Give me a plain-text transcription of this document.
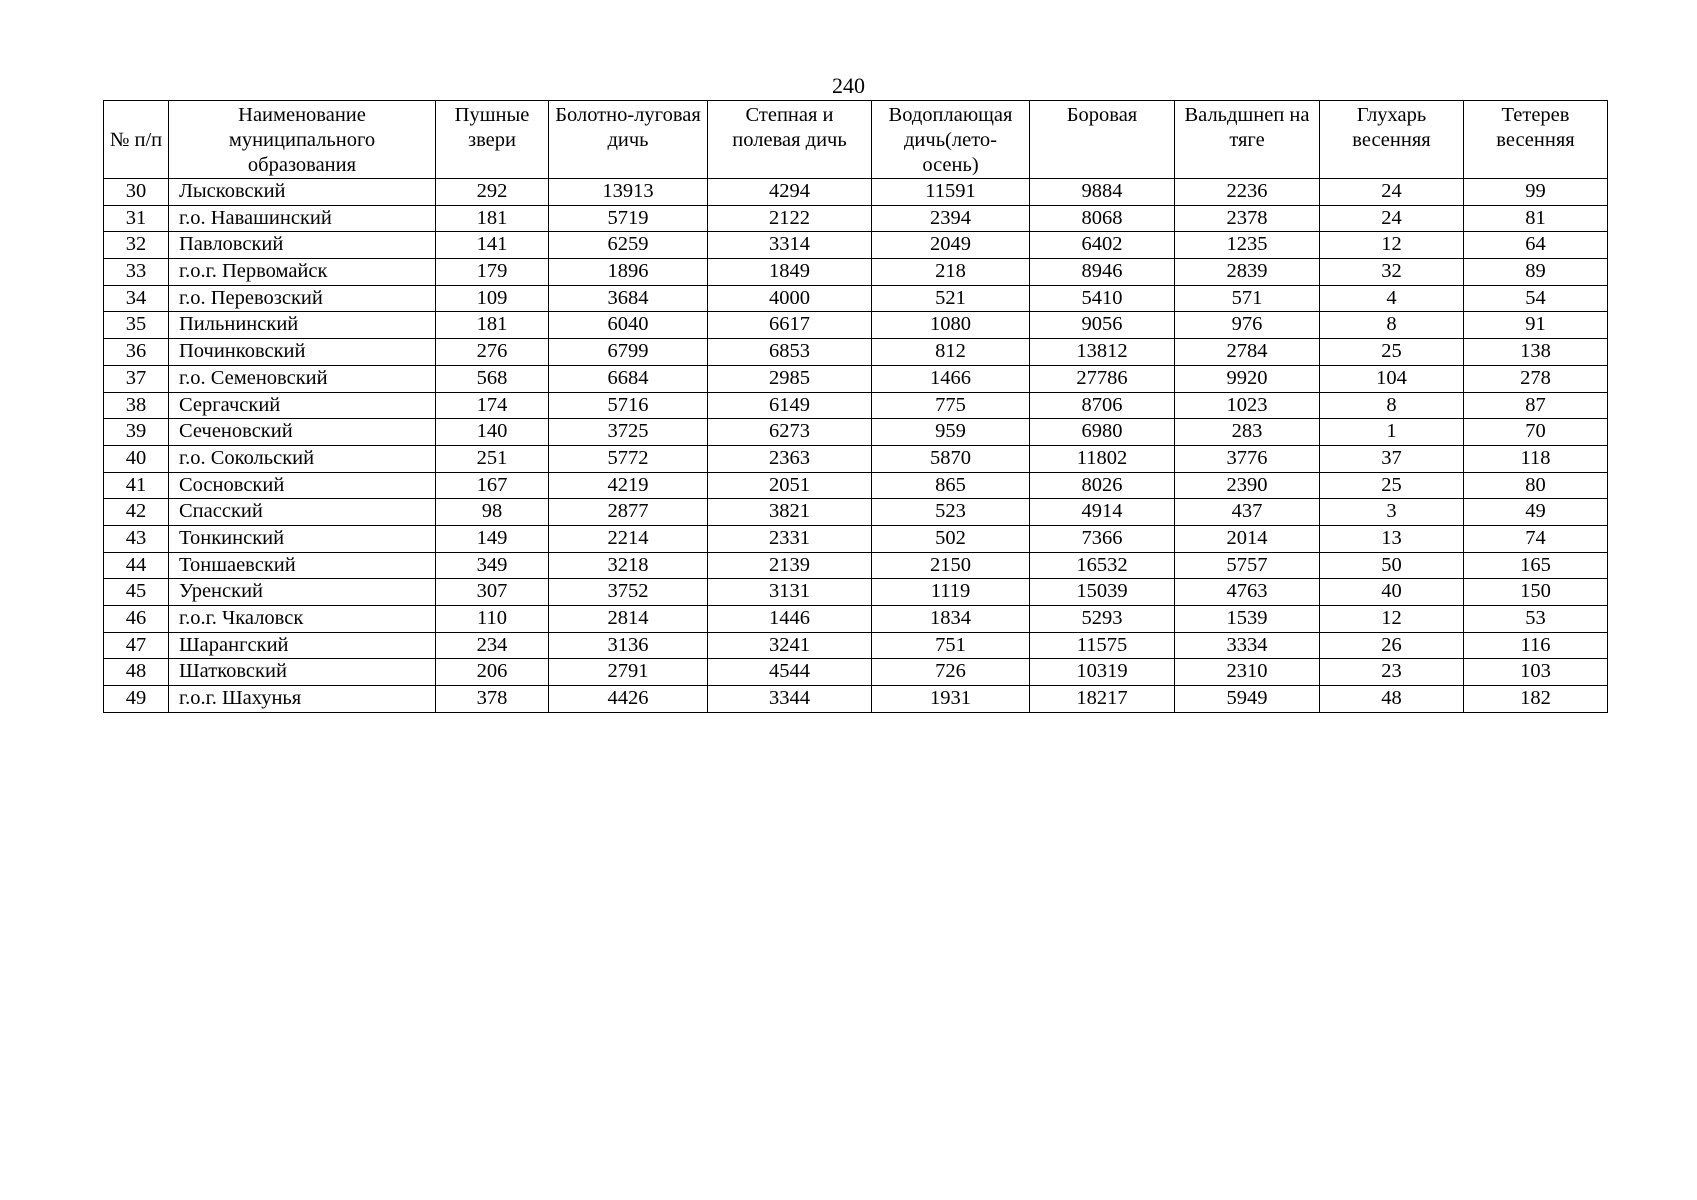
240
№ п/п	Наименование муниципального образования	Пушные звери	Болотно-луговая дичь	Степная и полевая дичь	Водоплающая дичь(лето-осень)	Боровая	Вальдшнеп на тяге	Глухарь весенняя	Тетерев весенняя
30	Лысковский	292	13913	4294	11591	9884	2236	24	99
31	г.о. Навашинский	181	5719	2122	2394	8068	2378	24	81
32	Павловский	141	6259	3314	2049	6402	1235	12	64
33	г.о.г. Первомайск	179	1896	1849	218	8946	2839	32	89
34	г.о. Перевозский	109	3684	4000	521	5410	571	4	54
35	Пильнинский	181	6040	6617	1080	9056	976	8	91
36	Починковский	276	6799	6853	812	13812	2784	25	138
37	г.о. Семеновский	568	6684	2985	1466	27786	9920	104	278
38	Сергачский	174	5716	6149	775	8706	1023	8	87
39	Сеченовский	140	3725	6273	959	6980	283	1	70
40	г.о. Сокольский	251	5772	2363	5870	11802	3776	37	118
41	Сосновский	167	4219	2051	865	8026	2390	25	80
42	Спасский	98	2877	3821	523	4914	437	3	49
43	Тонкинский	149	2214	2331	502	7366	2014	13	74
44	Тоншаевский	349	3218	2139	2150	16532	5757	50	165
45	Уренский	307	3752	3131	1119	15039	4763	40	150
46	г.о.г. Чкаловск	110	2814	1446	1834	5293	1539	12	53
47	Шарангский	234	3136	3241	751	11575	3334	26	116
48	Шатковский	206	2791	4544	726	10319	2310	23	103
49	г.о.г. Шахунья	378	4426	3344	1931	18217	5949	48	182
